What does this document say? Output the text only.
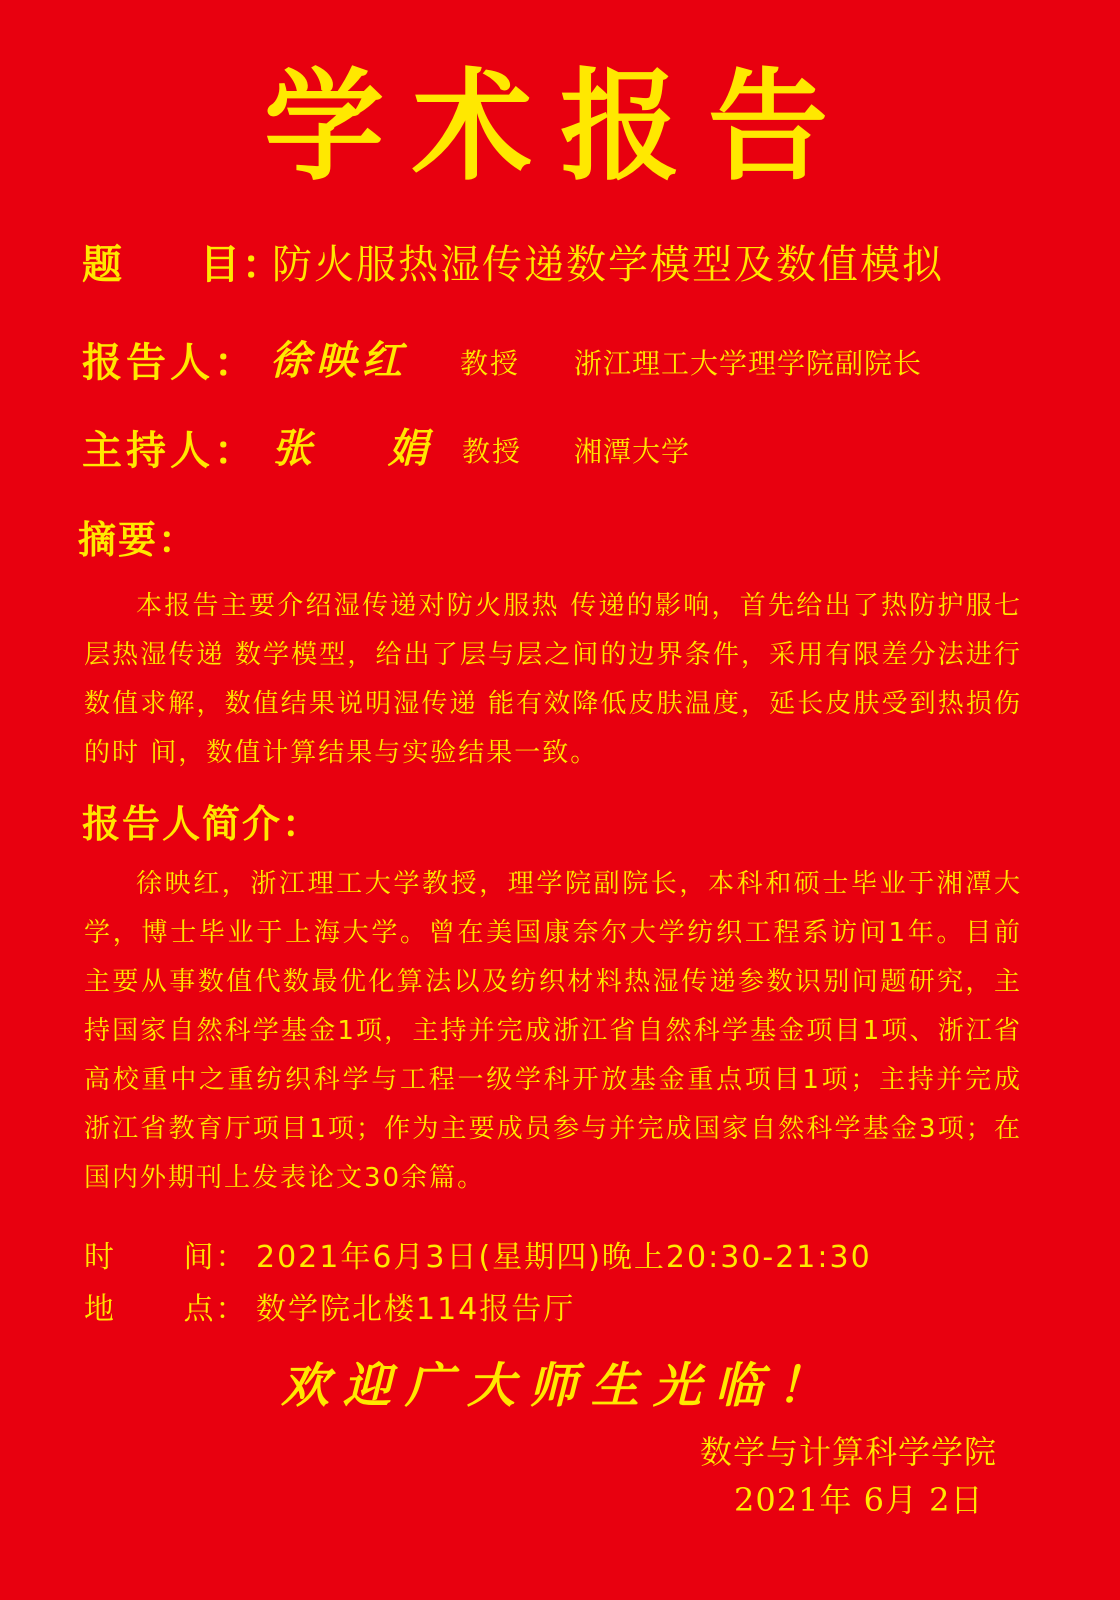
学术报告
题 目：
防火服热湿传递数学模型及数值模拟
报告人： 徐映红 教授 浙江理工大学理学院副院长
主持人： 张 娟 教授 湘潭大学
摘要：
本报告主要介绍湿传递对防火服热 传递的影响，首先给出了热防护服七层热湿传递 数学模型，给出了层与层之间的边界条件，采用有限差分法进行数值求解，数值结果说明湿传递 能有效降低皮肤温度，延长皮肤受到热损伤的时 间，数值计算结果与实验结果一致。
报告人简介：
徐映红，浙江理工大学教授，理学院副院长，本科和硕士毕业于湘潭大学，博士毕业于上海大学。曾在美国康奈尔大学纺织工程系访问1年。目前主要从事数值代数最优化算法以及纺织材料热湿传递参数识别问题研究，主持国家自然科学基金1项，主持并完成浙江省自然科学基金项目1项、浙江省高校重中之重纺织科学与工程一级学科开放基金重点项目1项；主持并完成浙江省教育厅项目1项；作为主要成员参与并完成国家自然科学基金3项；在国内外期刊上发表论文30余篇。
时 间： 2021年6月3日(星期四)晚上20:30-21:30
地 点： 数学院北楼114报告厅
欢迎广大师生光临！
数学与计算科学学院
2021年 6月 2日
